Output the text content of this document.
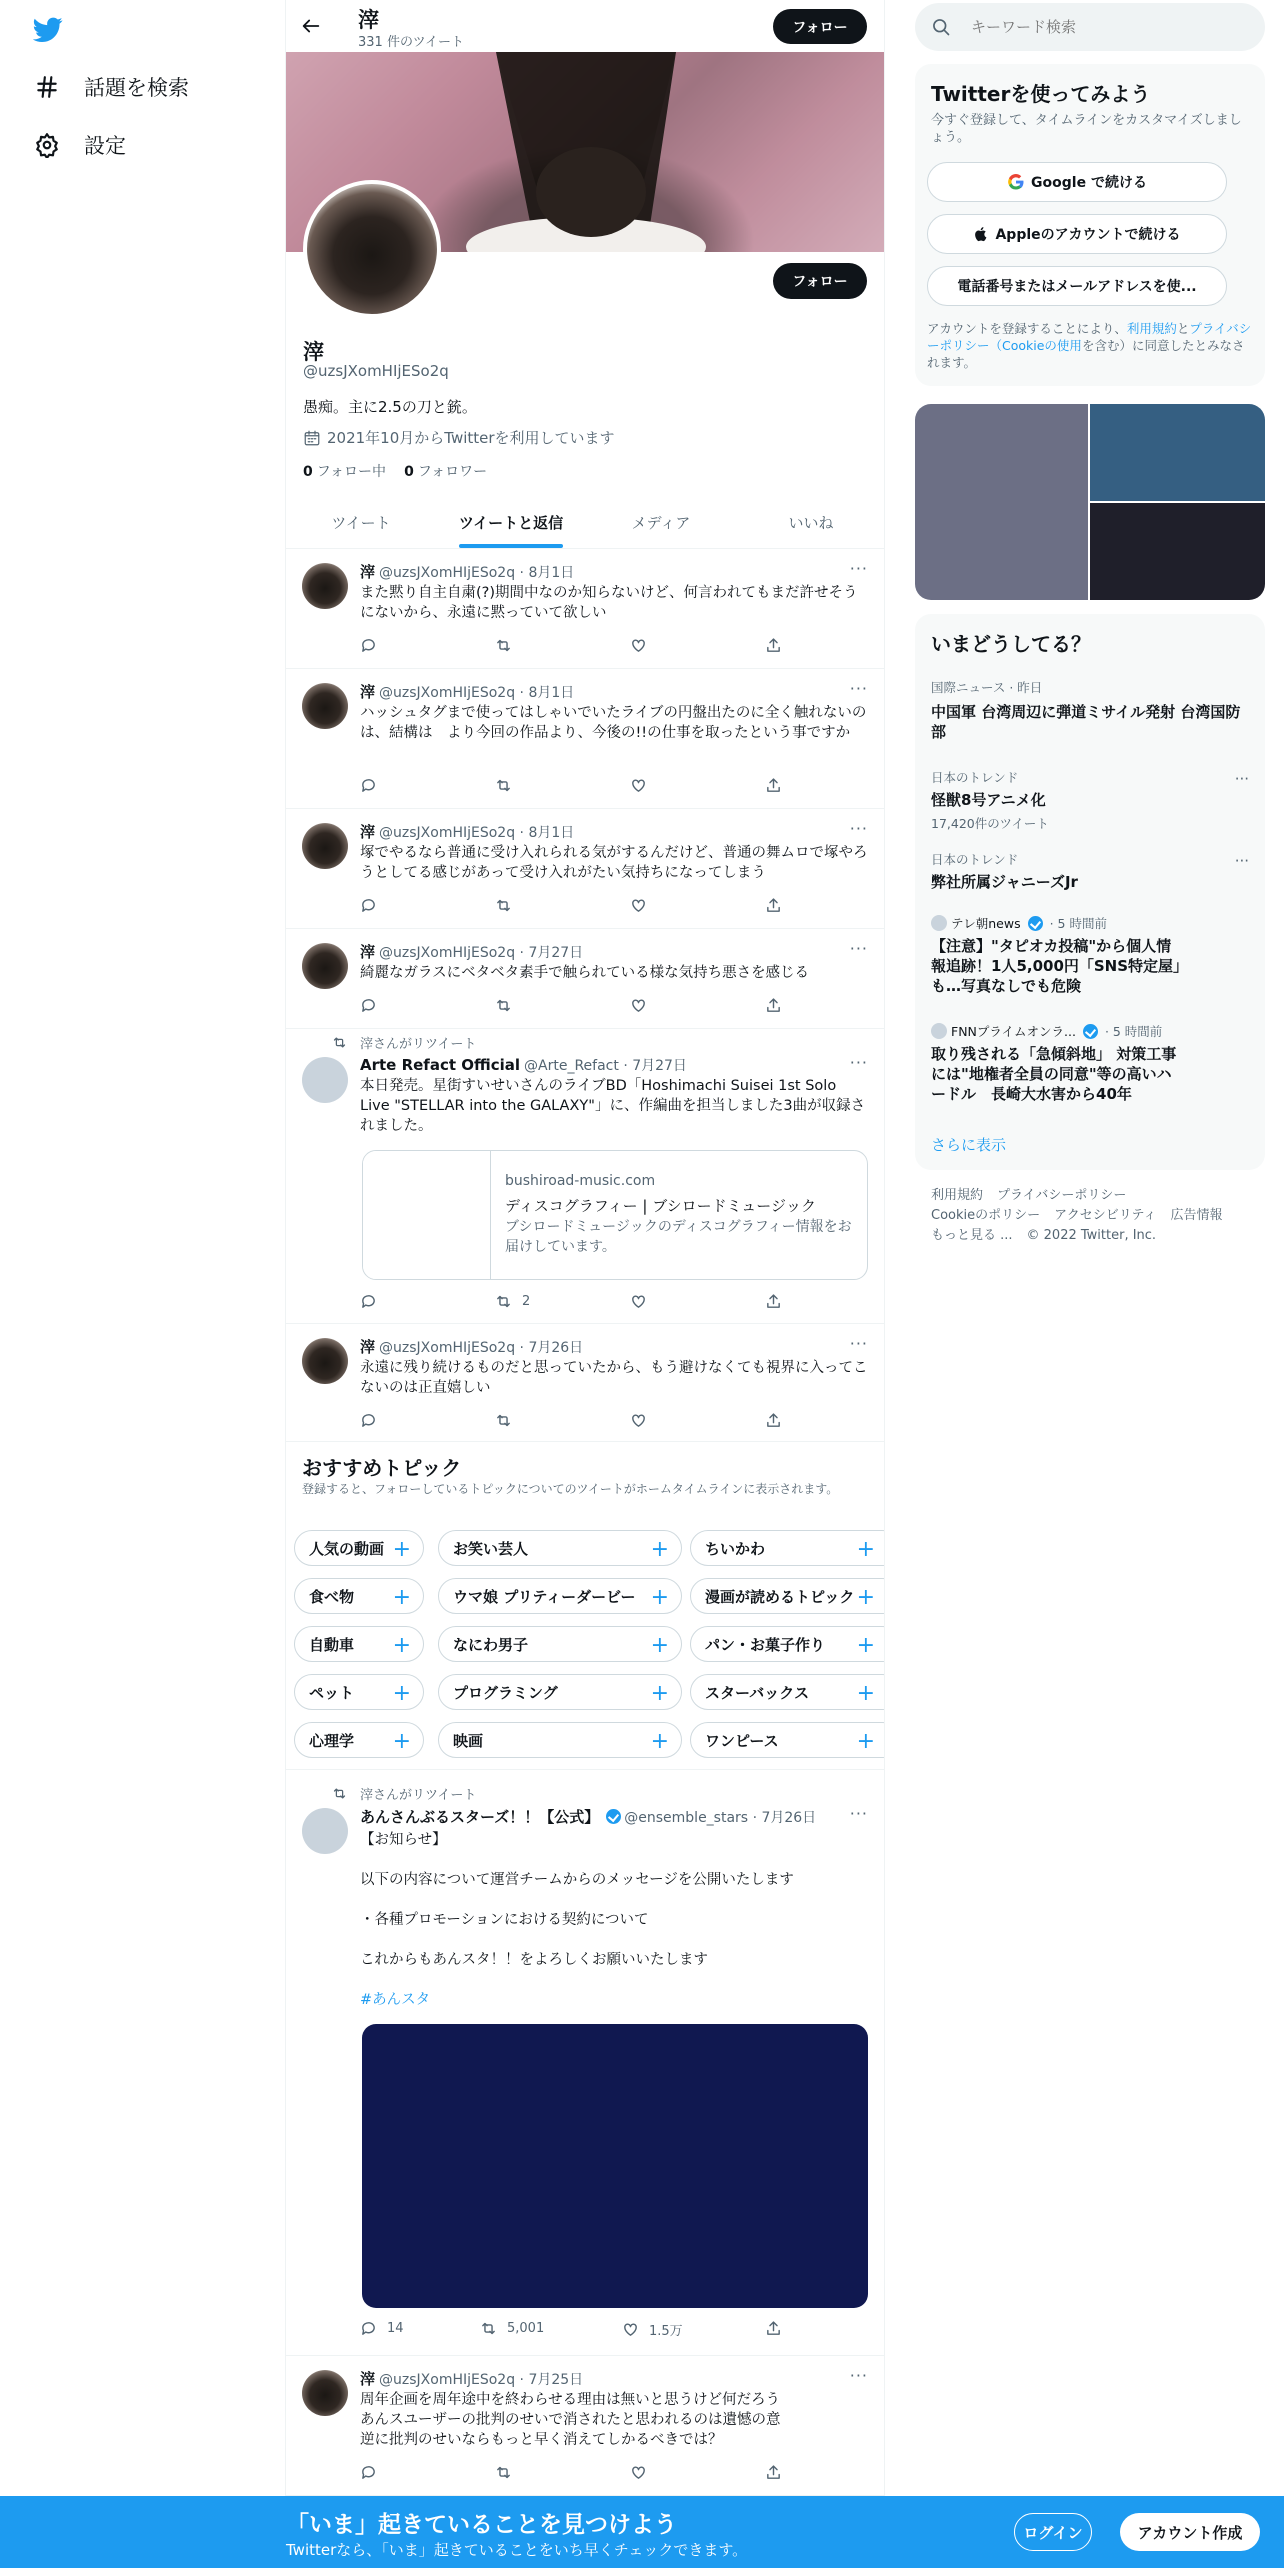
話題を検索
設定
滓
331 件のツイート
フォロー
フォロー
滓
@uzsJXomHIjESo2q
愚痴。主に2.5の刀と銃。
2021年10月からTwitterを利用しています
0 フォロー中 0 フォロワー
ツイート	ツイートと返信	メディア	いいね
滓 @uzsJXomHIjESo2q · 8月1日	···
また黙り自主自粛(?)期間中なのか知らないけど、何言われてもまだ許せそうにないから、永遠に黙っていて欲しい
滓 @uzsJXomHIjESo2q · 8月1日	···
ハッシュタグまで使ってはしゃいでいたライブの円盤出たのに全く触れないのは、結構は　より今回の作品より、今後の!!の仕事を取ったという事ですか
滓 @uzsJXomHIjESo2q · 8月1日	···
塚でやるなら普通に受け入れられる気がするんだけど、普通の舞ムロで塚やろうとしてる感じがあって受け入れがたい気持ちになってしまう
滓 @uzsJXomHIjESo2q · 7月27日	···
綺麗なガラスにベタベタ素手で触られている様な気持ち悪さを感じる
滓さんがリツイート
Arte Refact Official @Arte_Refact · 7月27日	···
本日発売。星街すいせいさんのライブBD「Hoshimachi Suisei 1st Solo Live "STELLAR into the GALAXY"」に、作編曲を担当しました3曲が収録されました。
2
bushiroad-music.com
ディスコグラフィー | ブシロードミュージック
ブシロードミュージックのディスコグラフィー情報をお届けしています。
滓 @uzsJXomHIjESo2q · 7月26日	···
永遠に残り続けるものだと思っていたから、もう避けなくても視界に入ってこないのは正直嬉しい
おすすめトピック
登録すると、フォローしているトピックについてのツイートがホームタイムラインに表示されます。
人気の動画 +	お笑い芸人	+ ちいかわ	+
食べ物 +	ウマ娘 プリティーダービー + 漫画が読めるトピック +
自動車 +	なにわ男子	+ パン・お菓子作り +
ペット +	プログラミング	+ スターバックス +
心理学 +	映画	+ ワンピース	+
滓さんがリツイート
あんさんぶるスターズ！！【公式】 @ensemble_stars · 7月26日 ···
【お知らせ】
以下の内容について運営チームからのメッセージを公開いたします
・各種プロモーションにおける契約について
これからもあんスタ！！をよろしくお願いいたします
#あんスタ
14	5,001	1.5万
滓 @uzsJXomHIjESo2q · 7月25日	···
周年企画を周年途中を終わらせる理由は無いと思うけど何だろう
あんスユーザーの批判のせいで消されたと思われるのは遺憾の意
逆に批判のせいならもっと早く消えてしかるべきでは？
キーワード検索
Twitterを使ってみよう
今すぐ登録して、タイムラインをカスタマイズしましょう。
Google で続ける
Appleのアカウントで続ける
電話番号またはメールアドレスを使...
アカウントを登録することにより、利用規約とプライバシーポリシー（Cookieの使用を含む）に同意したとみなされます。
いまどうしてる？
国際ニュース · 昨日
中国軍 台湾周辺に弾道ミサイル発射 台湾国防部
日本のトレンド
怪獣8号アニメ化
17,420件のツイート
···
日本のトレンド
弊社所属ジャニーズJr
···
テレ朝news · 5 時間前
【注意】"タピオカ投稿"から個人情報追跡！1人5,000円「SNS特定屋」も…写真なしでも危険
FNNプライムオンラ... · 5 時間前
取り残される「急傾斜地」 対策工事には"地権者全員の同意"等の高いハードル　長崎大水害から40年
さらに表示
利用規約 プライバシーポリシー
Cookieのポリシー アクセシビリティ 広告情報
もっと見る ... © 2022 Twitter, Inc.
「いま」起きていることを見つけよう
Twitterなら、「いま」起きていることをいち早くチェックできます。
ログイン	アカウント作成
